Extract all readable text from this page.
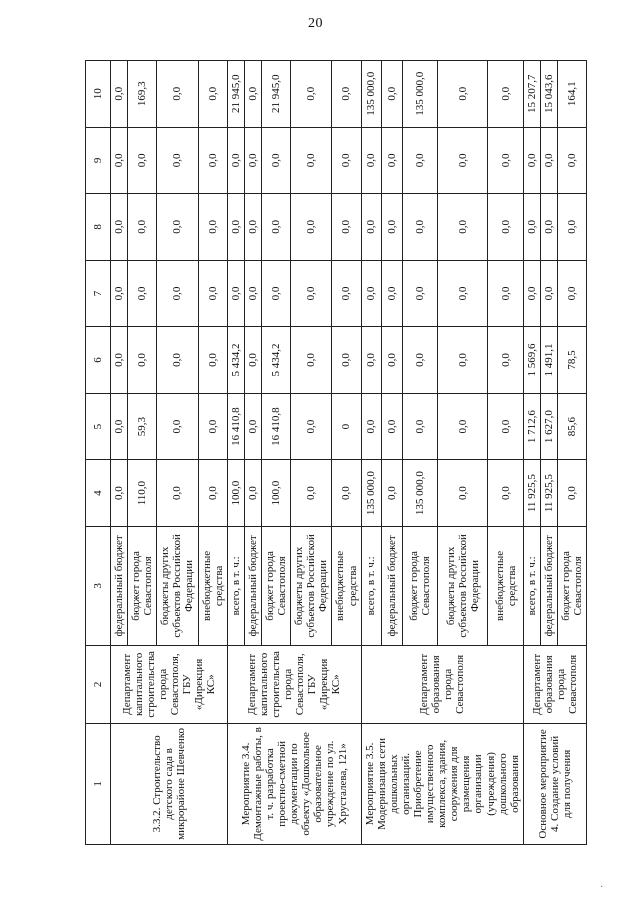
20
1	2	3	4	5	6	7	8	9	10
3.3.2. Строительство детского сада в микрорайоне Шевченко	Департамент капитального строительства города Севастополя, ГБУ «Дирекция КС»	федеральный бюджет	0,0	0,0	0,0	0,0	0,0	0,0	0,0
		бюджет города Севастополя	110,0	59,3	0,0	0,0	0,0	0,0	169,3
		бюджеты других субъектов Российской Федерации	0,0	0,0	0,0	0,0	0,0	0,0	0,0
		внебюджетные средства	0,0	0,0	0,0	0,0	0,0	0,0	0,0
Мероприятие 3.4. Демонтажные работы, в т. ч. разработка проектно-сметной документации по объекту «Дошкольное образовательное учреждение по ул. Хрусталева, 121»	Департамент капитального строительства города Севастополя, ГБУ «Дирекция КС»	всего, в т. ч.:	100,0	16 410,8	5 434,2	0,0	0,0	0,0	21 945,0
		федеральный бюджет	0,0	0,0	0,0	0,0	0,0	0,0	0,0
		бюджет города Севастополя	100,0	16 410,8	5 434,2	0,0	0,0	0,0	21 945,0
		бюджеты других субъектов Российской Федерации	0,0	0,0	0,0	0,0	0,0	0,0	0,0
		внебюджетные средства	0,0	0	0,0	0,0	0,0	0,0	0,0
Мероприятие 3.5. Модернизация сети дошкольных организаций. Приобретение имущественного комплекса, здания, сооружения для размещения организации (учреждения) дошкольного образования	Департамент образования города Севастополя	всего, в т. ч.:	135 000,0	0,0	0,0	0,0	0,0	0,0	135 000,0
		федеральный бюджет	0,0	0,0	0,0	0,0	0,0	0,0	0,0
		бюджет города Севастополя	135 000,0	0,0	0,0	0,0	0,0	0,0	135 000,0
		бюджеты других субъектов Российской Федерации	0,0	0,0	0,0	0,0	0,0	0,0	0,0
		внебюджетные средства	0,0	0,0	0,0	0,0	0,0	0,0	0,0
Основное мероприятие 4. Создание условий для получения	Департамент образования города Севастополя	всего, в т. ч.:	11 925,5	1 712,6	1 569,6	0,0	0,0	0,0	15 207,7
		федеральный бюджет	11 925,5	1 627,0	1 491,1	0,0	0,0	0,0	15 043,6
		бюджет города Севастополя	0,0	85,6	78,5	0,0	0,0	0,0	164,1
·
